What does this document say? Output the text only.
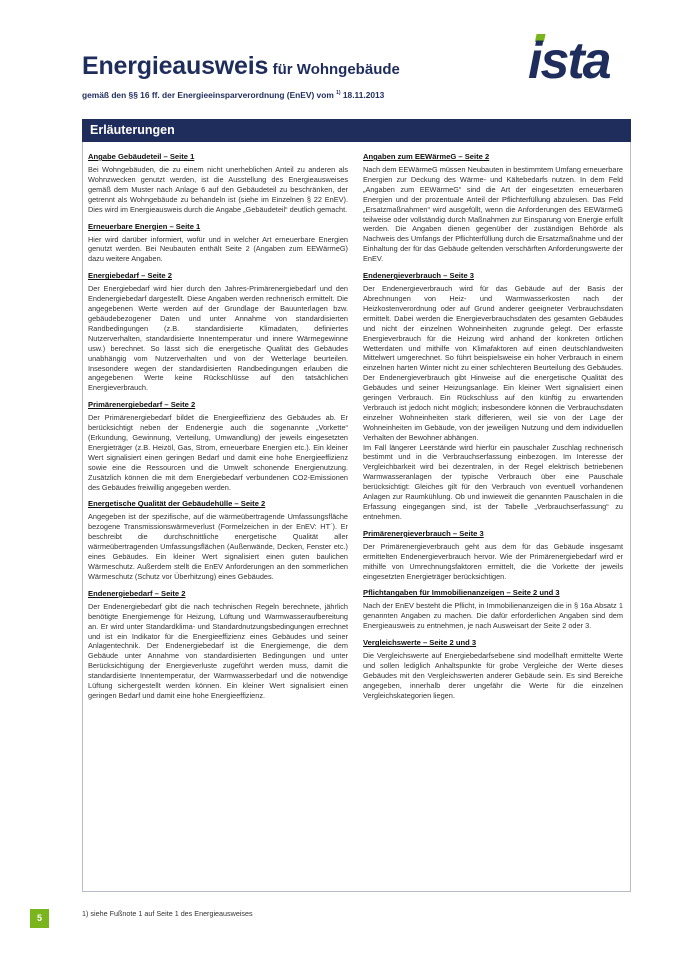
Energieausweis für Wohngebäude
gemäß den §§ 16 ff. der Energieeinsparverordnung (EnEV) vom $^{1)}$ 18.11.2013
ista
Erläuterungen
Angabe Gebäudeteil – Seite 1

Bei Wohngebäuden, die zu einem nicht unerheblichen Anteil zu anderen als Wohnzwecken genutzt werden, ist die Ausstellung des Energieausweises gemäß dem Muster nach Anlage 6 auf den Gebäudeteil zu beschränken, der getrennt als Wohngebäude zu behandeln ist (siehe im Einzelnen § 22 EnEV). Dies wird im Energieausweis durch die Angabe „Gebäudeteil“ deutlich gemacht.

Erneuerbare Energien – Seite 1

Hier wird darüber informiert, wofür und in welcher Art erneuerbare Energien genutzt werden. Bei Neubauten enthält Seite 2 (Angaben zum EEWärmeG) dazu weitere Angaben.

Energiebedarf – Seite 2

Der Energiebedarf wird hier durch den Jahres-Primärenergiebedarf und den Endenergiebedarf dargestellt. Diese Angaben werden rechnerisch ermittelt. Die angegebenen Werte werden auf der Grundlage der Bauunterlagen bzw. gebäudebezogener Daten und unter Annahme von standardisierten Randbedingungen (z.B. standardisierte Klimadaten, definiertes Nutzerverhalten, standardisierte Innentemperatur und innere Wärmegewinne usw.) berechnet. So lässt sich die energetische Qualität des Gebäudes unabhängig vom Nutzerverhalten und von der Wetterlage beurteilen. Insesondere wegen der standardisierten Randbedingungen erlauben die angegebenen Werte keine Rückschlüsse auf den tatsächlichen Energieverbrauch.

Primärenergiebedarf – Seite 2

Der Primärenergiebedarf bildet die Energieeffizienz des Gebäudes ab. Er berücksichtigt neben der Endenergie auch die sogenannte „Vorkette“ (Erkundung, Gewinnung, Verteilung, Umwandlung) der jeweils eingesetzten Energieträger (z.B. Heizöl, Gas, Strom, erneuerbare Energien etc.). Ein kleiner Wert signalisiert einen geringen Bedarf und damit eine hohe Energieeffizienz sowie eine die Ressourcen und die Umwelt schonende Energienutzung. Zusätzlich können die mit dem Energiebedarf verbundenen CO2-Emissionen des Gebäudes freiwillig angegeben werden.

Energetische Qualität der Gebäudehülle – Seite 2

Angegeben ist der spezifische, auf die wärmeübertragende Umfassungsfläche bezogene Transmissionswärmeverlust (Formelzeichen in der EnEV: HT´). Er beschreibt die durchschnittliche energetische Qualität aller wärmeübertragenden Umfassungsflächen (Außenwände, Decken, Fenster etc.) eines Gebäudes. Ein kleiner Wert signalisiert einen guten baulichen Wärmeschutz. Außerdem stellt die EnEV Anforderungen an den sommerlichen Wärmeschutz (Schutz vor Überhitzung) eines Gebäudes.

Endenergiebedarf – Seite 2

Der Endenergiebedarf gibt die nach technischen Regeln berechnete, jährlich benötigte Energiemenge für Heizung, Lüftung und Warmwasseraufbereitung an. Er wird unter Standardklima- und Standardnutzungsbedingungen errechnet und ist ein Indikator für die Energieeffizienz eines Gebäudes und seiner Anlagentechnik. Der Endenergiebedarf ist die Energiemenge, die dem Gebäude unter Annahme von standardisierten Bedingungen und unter Berücksichtigung der Energieverluste zugeführt werden muss, damit die standardisierte Innentemperatur, der Warmwasserbedarf und die notwendige Lüftung sichergestellt werden können. Ein kleiner Wert signalisiert einen geringen Bedarf und damit eine hohe Energieeffizienz.

Angaben zum EEWärmeG – Seite 2

Nach dem EEWärmeG müssen Neubauten in bestimmtem Umfang erneuerbare Energien zur Deckung des Wärme- und Kältebedarfs nutzen. In dem Feld „Angaben zum EEWärmeG“ sind die Art der eingesetzten erneuerbaren Energien und der prozentuale Anteil der Pflichterfüllung abzulesen. Das Feld „Ersatzmaßnahmen“ wird ausgefüllt, wenn die Anforderungen des EEWärmeG teilweise oder vollständig durch Maßnahmen zur Einsparung von Energie erfüllt werden. Die Angaben dienen gegenüber der zuständigen Behörde als Nachweis des Umfangs der Pflichterfüllung durch die Ersatzmaßnahme und der Einhaltung der für das Gebäude geltenden verschärften Anforderungswerte der EnEV.

Endenergieverbrauch – Seite 3

Der Endenergieverbrauch wird für das Gebäude auf der Basis der Abrechnungen von Heiz- und Warmwasserkosten nach der Heizkostenverordnung oder auf Grund anderer geeigneter Verbrauchsdaten ermittelt. Dabei werden die Energieverbrauchsdaten des gesamten Gebäudes und nicht der einzelnen Wohneinheiten zugrunde gelegt. Der erfasste Energieverbrauch für die Heizung wird anhand der konkreten örtlichen Wetterdaten und mithilfe von Klimafaktoren auf einen deutschlandweiten Mittelwert umgerechnet. So führt beispielsweise ein hoher Verbrauch in einem einzelnen harten Winter nicht zu einer schlechteren Beurteilung des Gebäudes. Der Endenergieverbrauch gibt Hinweise auf die energetische Qualität des Gebäudes und seiner Heizungsanlage. Ein kleiner Wert signalisiert einen geringen Verbrauch. Ein Rückschluss auf den künftig zu erwartenden Verbrauch ist jedoch nicht möglich; insbesondere können die Verbrauchsdaten einzelner Wohneinheiten stark differieren, weil sie von der Lage der Wohneinheiten im Gebäude, von der jeweiligen Nutzung und dem individuellen Verhalten der Bewohner abhängen.

Im Fall längerer Leerstände wird hierfür ein pauschaler Zuschlag rechnerisch bestimmt und in die Verbrauchserfassung einbezogen. Im Interesse der Vergleichbarkeit wird bei dezentralen, in der Regel elektrisch betriebenen Warmwasseranlagen der typische Verbrauch über eine Pauschale berücksichtigt: Gleiches gilt für den Verbrauch von eventuell vorhandenen Anlagen zur Raumkühlung. Ob und inwieweit die genannten Pauschalen in die Erfassung eingegangen sind, ist der Tabelle „Verbrauchserfassung“ zu entnehmen.

Primärenergieverbrauch – Seite 3

Der Primärenergieverbrauch geht aus dem für das Gebäude insgesamt ermittelten Endenergieverbrauch hervor. Wie der Primärenergiebedarf wird er mithilfe von Umrechnungsfaktoren ermittelt, die die Vorkette der jeweils eingesetzten Energieträger berücksichtigen.

Pflichtangaben für Immobilienanzeigen – Seite 2 und 3

Nach der EnEV besteht die Pflicht, in Immobilienanzeigen die in § 16a Absatz 1 genannten Angaben zu machen. Die dafür erforderlichen Angaben sind dem Energieausweis zu entnehmen, je nach Ausweisart der Seite 2 oder 3.

Vergleichswerte – Seite 2 und 3

Die Vergleichswerte auf Energiebedarfsebene sind modellhaft ermittelte Werte und sollen lediglich Anhaltspunkte für grobe Vergleiche der Werte dieses Gebäudes mit den Vergleichswerten anderer Gebäude sein. Es sind Bereiche angegeben, innerhalb derer ungefähr die Werte für die einzelnen Vergleichskategorien liegen.

5	1) siehe Fußnote 1 auf Seite 1 des Energieausweises
